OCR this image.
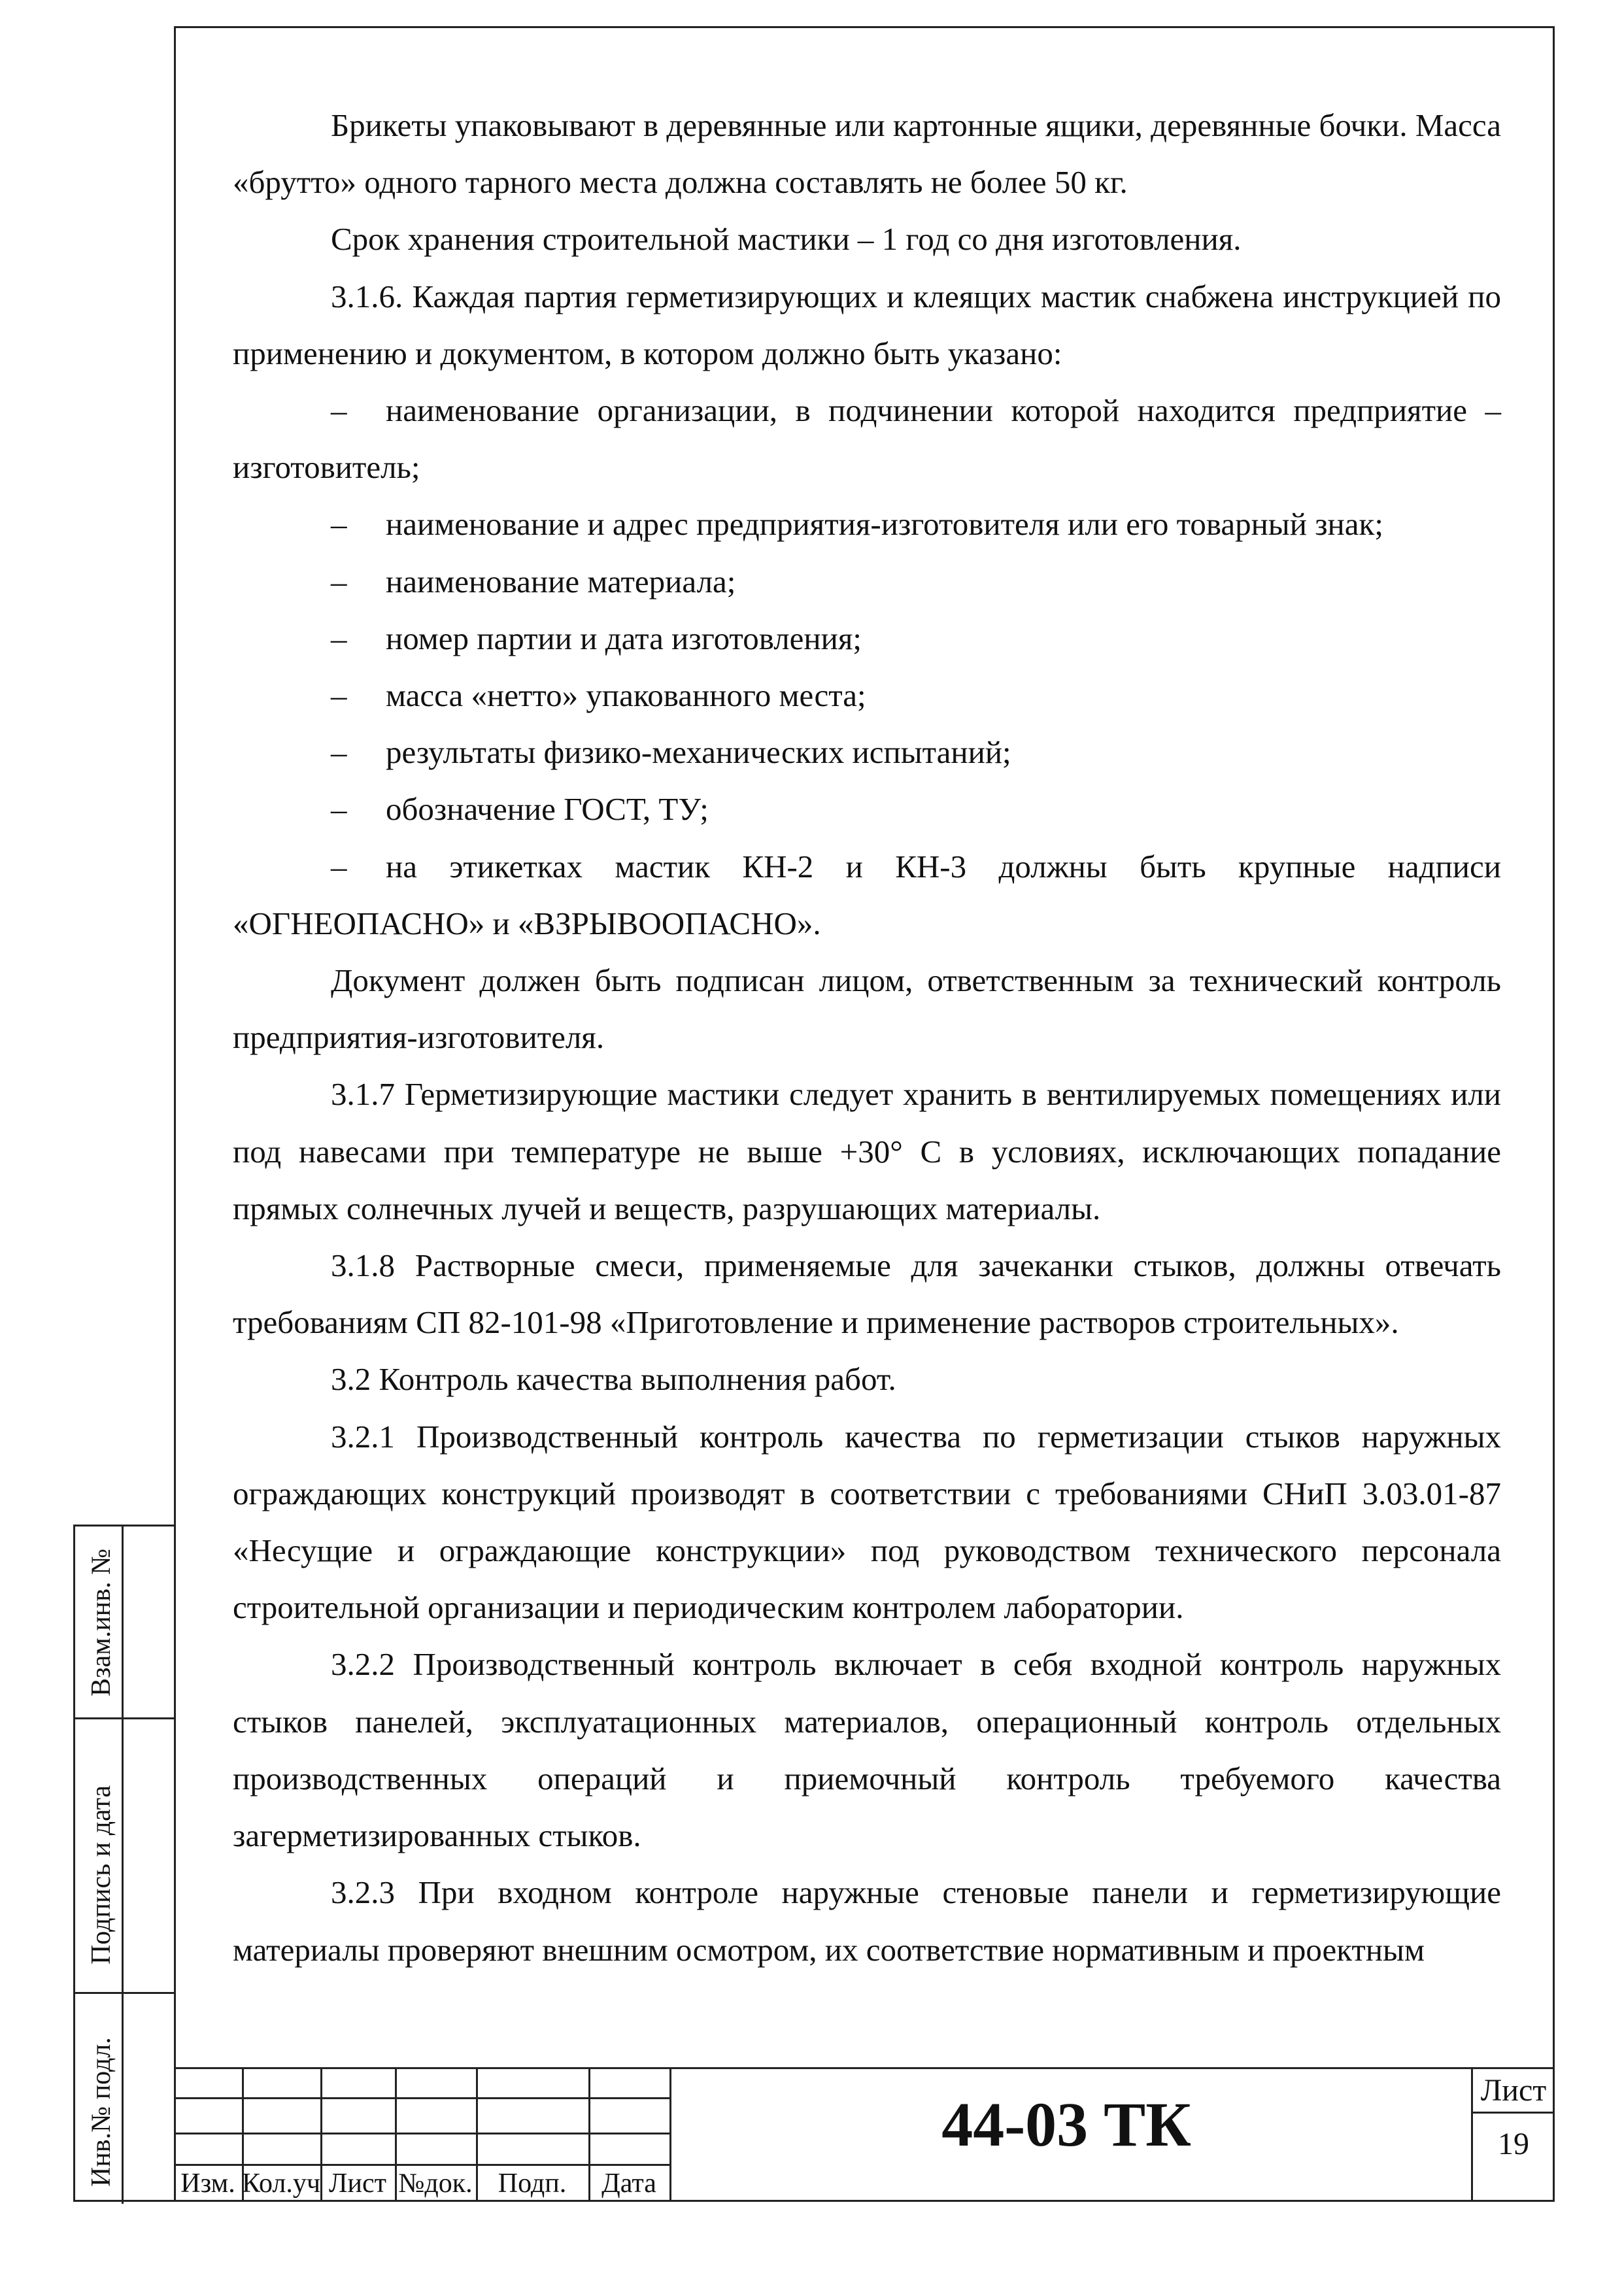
Брикеты упаковывают в деревянные или картонные ящики, деревянные бочки. Масса «брутто» одного тарного места должна составлять не более 50 кг.

Срок хранения строительной мастики – 1 год со дня изготовления.

3.1.6. Каждая партия герметизирующих и клеящих мастик снабжена инструкцией по применению и документом, в котором должно быть указано:

– наименование организации, в подчинении которой находится предприятие – изготовитель;

– наименование и адрес предприятия-изготовителя или его товарный знак;

– наименование материала;

– номер партии и дата изготовления;

– масса «нетто» упакованного места;

– результаты физико-механических испытаний;

– обозначение ГОСТ, ТУ;

– на этикетках мастик КН-2 и КН-3 должны быть крупные надписи «ОГНЕОПАСНО» и «ВЗРЫВООПАСНО».

Документ должен быть подписан лицом, ответственным за технический контроль предприятия-изготовителя.

3.1.7 Герметизирующие мастики следует хранить в вентилируемых помещениях или под навесами при температуре не выше +30° С в условиях, исключающих попадание прямых солнечных лучей и веществ, разрушающих материалы.

3.1.8 Растворные смеси, применяемые для зачеканки стыков, должны отвечать требованиям СП 82-101-98 «Приготовление и применение растворов строительных».

3.2 Контроль качества выполнения работ.

3.2.1 Производственный контроль качества по герметизации стыков наружных ограждающих конструкций производят в соответствии с требованиями СНиП 3.03.01-87 «Несущие и ограждающие конструкции» под руководством технического персонала строительной организации и периодическим контролем лаборатории.

3.2.2 Производственный контроль включает в себя входной контроль наружных стыков панелей, эксплуатационных материалов, операционный контроль отдельных производственных операций и приемочный контроль требуемого качества загерметизированных стыков.

3.2.3 При входном контроле наружные стеновые панели и герметизирующие материалы проверяют внешним осмотром, их соответствие нормативным и проектным

Взам.инв. №
Подпись и дата
Инв.№ подл. Изм. Кол.уч Лист №док. Подп.	Дата
44-03 ТК	Лист
19
